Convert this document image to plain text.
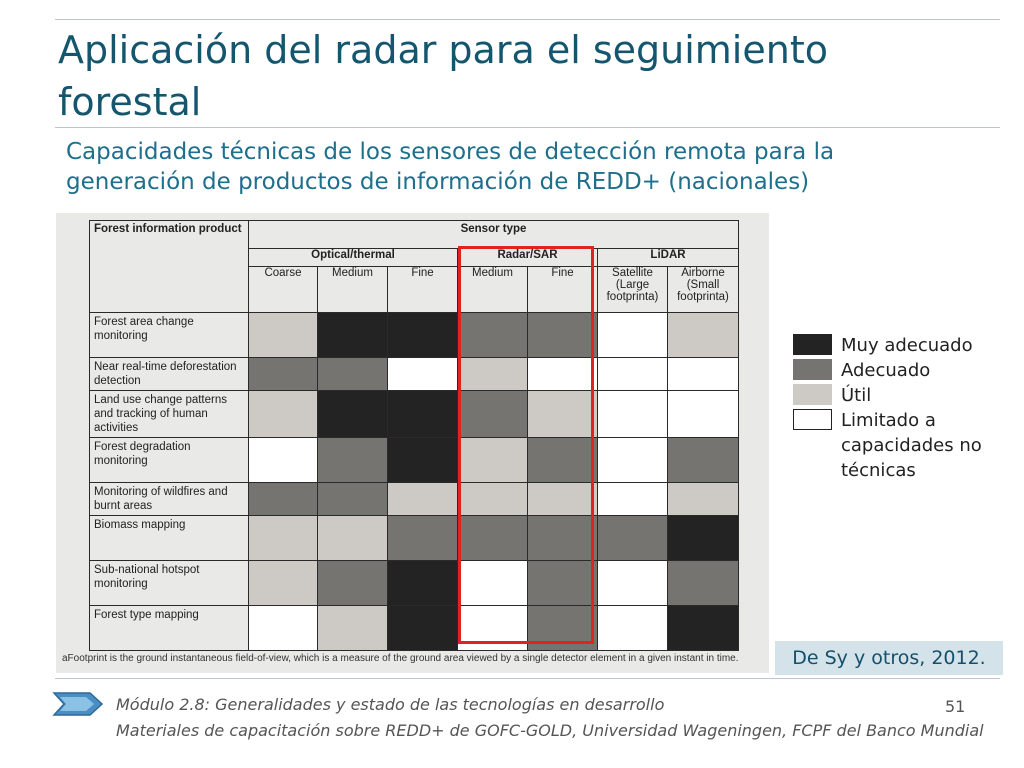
Aplicación del radar para el seguimiento forestal
Capacidades técnicas de los sensores de detección remota para la generación de productos de información de REDD+ (nacionales)
Forest information product	Sensor type						
	Optical/thermal			Radar/SAR		LiDAR	
	Coarse	Medium	Fine	Medium	Fine	Satellite (Large footprinta)	Airborne (Small footprinta)
Forest area change monitoring							
Near real-time deforestation detection							
Land use change patterns and tracking of human activities							
Forest degradation monitoring							
Monitoring of wildfires and burnt areas							
Biomass mapping							
Sub-national hotspot monitoring							
Forest type mapping							
aFootprint is the ground instantaneous field-of-view, which is a measure of the ground area viewed by a single detector element in a given instant in time.
Muy adecuado
Adecuado
Útil
Limitado a capacidades no técnicas
De Sy y otros, 2012.
Módulo 2.8: Generalidades y estado de las tecnologías en desarrollo	51
Materiales de capacitación sobre REDD+ de GOFC-GOLD, Universidad Wageningen, FCPF del Banco Mundial
